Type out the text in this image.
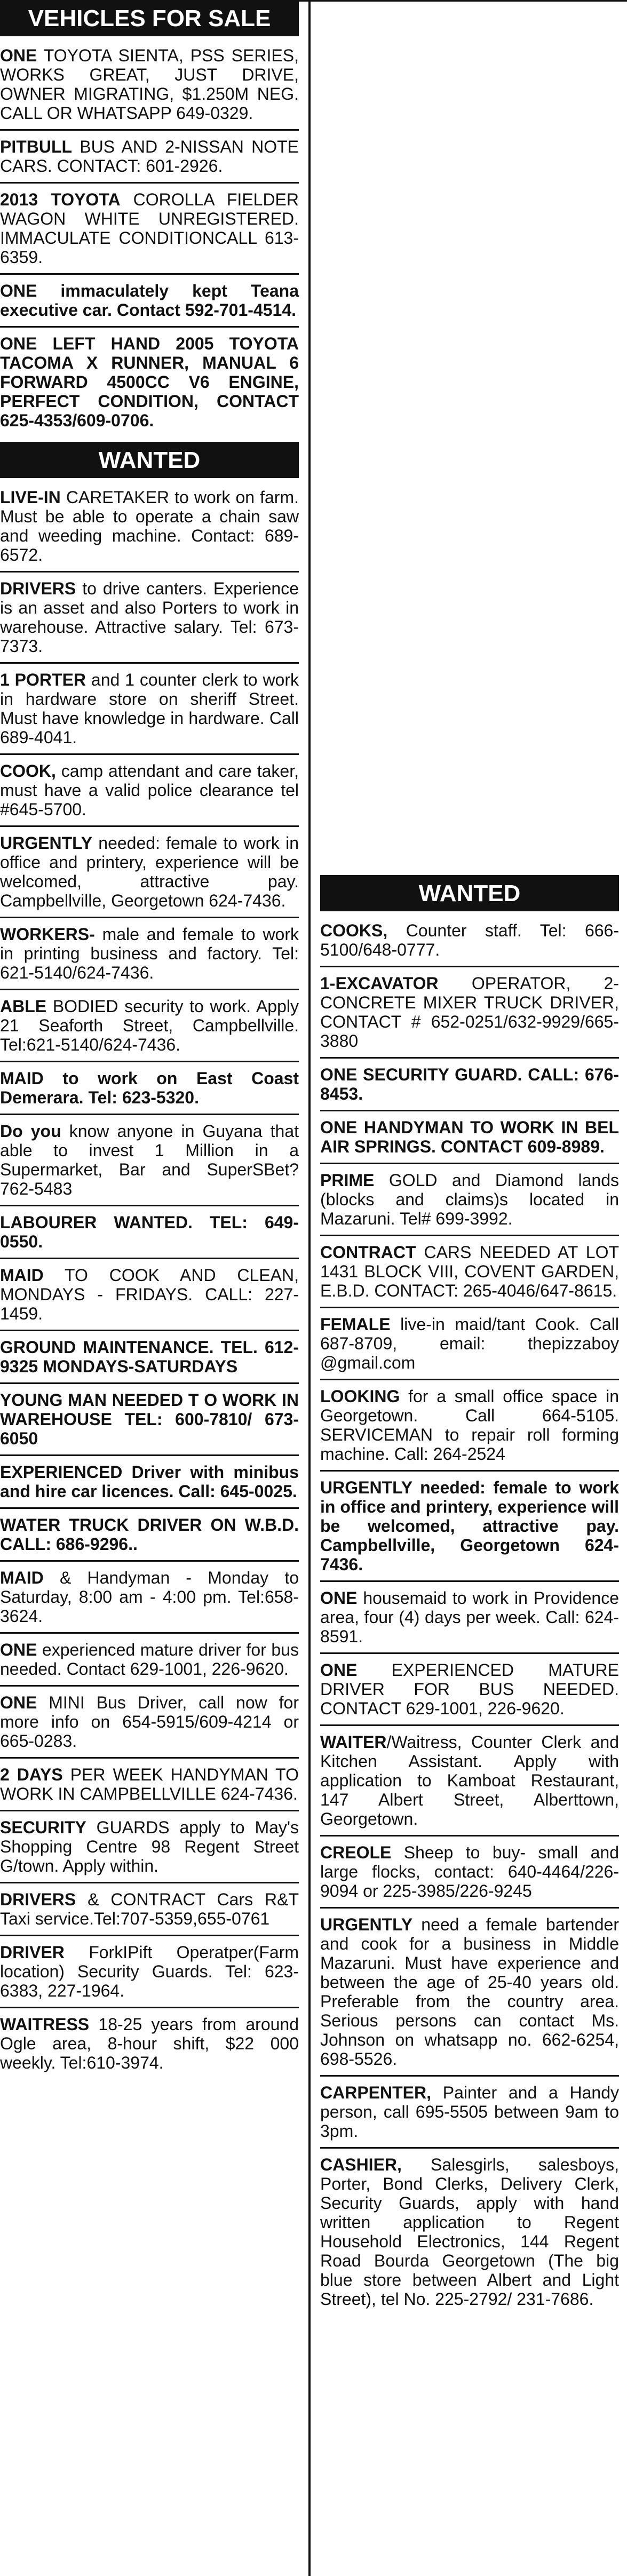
VEHICLES FOR SALE
ONE TOYOTA SIENTA, PSS SERIES, WORKS GREAT, JUST DRIVE, OWNER MIGRATING, $1.250M NEG. CALL OR WHATSAPP 649-0329.
PITBULL BUS AND 2-NISSAN NOTE CARS. CONTACT: 601-2926.
2013 TOYOTA COROLLA FIELDER WAGON WHITE UNREGISTERED. IMMACULATE CONDITIONCALL 613-6359.
ONE immaculately kept Teana executive car. Contact 592-701-4514.
ONE LEFT HAND 2005 TOYOTA TACOMA X RUNNER, MANUAL 6 FORWARD 4500CC V6 ENGINE, PERFECT CONDITION, CONTACT 625-4353/609-0706.
WANTED
LIVE-IN CARETAKER to work on farm. Must be able to operate a chain saw and weeding machine. Contact: 689-6572.
DRIVERS to drive canters. Experience is an asset and also Porters to work in warehouse. Attractive salary. Tel: 673-7373.
1 PORTER and 1 counter clerk to work in hardware store on sheriff Street. Must have knowledge in hardware. Call 689-4041.
COOK, camp attendant and care taker, must have a valid police clearance tel #645-5700.
URGENTLY needed: female to work in office and printery, experience will be welcomed, attractive pay. Campbellville, Georgetown 624-7436.
WORKERS- male and female to work in printing business and factory. Tel: 621-5140/624-7436.
ABLE BODIED security to work. Apply 21 Seaforth Street, Campbellville. Tel:621-5140/624-7436.
MAID to work on East Coast Demerara. Tel: 623-5320.
Do you know anyone in Guyana that able to invest 1 Million in a Supermarket, Bar and SuperSBet? 762-5483
LABOURER WANTED. TEL: 649-0550.
MAID TO COOK AND CLEAN, MONDAYS - FRIDAYS. CALL: 227-1459.
GROUND MAINTENANCE. TEL. 612-9325 MONDAYS-SATURDAYS
YOUNG MAN NEEDED T O WORK IN WAREHOUSE TEL: 600-7810/ 673-6050
EXPERIENCED Driver with minibus and hire car licences. Call: 645-0025.
WATER TRUCK DRIVER ON W.B.D. CALL: 686-9296..
MAID & Handyman - Monday to Saturday, 8:00 am - 4:00 pm. Tel:658-3624.
ONE experienced mature driver for bus needed. Contact 629-1001, 226-9620.
ONE MINI Bus Driver, call now for more info on 654-5915/609-4214 or 665-0283.
2 DAYS PER WEEK HANDYMAN TO WORK IN CAMPBELLVILLE 624-7436.
SECURITY GUARDS apply to May's Shopping Centre 98 Regent Street G/town. Apply within.
DRIVERS & CONTRACT Cars R&T Taxi service.Tel:707-5359,655-0761
DRIVER ForkIPift Operatper(Farm location) Security Guards. Tel: 623-6383, 227-1964.
WAITRESS 18-25 years from around Ogle area, 8-hour shift, $22 000 weekly. Tel:610-3974.
WANTED
COOKS, Counter staff. Tel: 666-5100/648-0777.
1-EXCAVATOR OPERATOR, 2- CONCRETE MIXER TRUCK DRIVER, CONTACT # 652-0251/632-9929/665-3880
ONE SECURITY GUARD. CALL: 676-8453.
ONE HANDYMAN TO WORK IN BEL AIR SPRINGS. CONTACT 609-8989.
PRIME GOLD and Diamond lands (blocks and claims)s located in Mazaruni. Tel# 699-3992.
CONTRACT CARS NEEDED AT LOT 1431 BLOCK VIII, COVENT GARDEN, E.B.D. CONTACT: 265-4046/647-8615.
FEMALE live-in maid/tant Cook. Call 687-8709, email: thepizzaboy @gmail.com
LOOKING for a small office space in Georgetown. Call 664-5105. SERVICEMAN to repair roll forming machine. Call: 264-2524
URGENTLY needed: female to work in office and printery, experience will be welcomed, attractive pay. Campbellville, Georgetown 624-7436.
ONE housemaid to work in Providence area, four (4) days per week. Call: 624-8591.
ONE EXPERIENCED MATURE DRIVER FOR BUS NEEDED. CONTACT 629-1001, 226-9620.
WAITER/Waitress, Counter Clerk and Kitchen Assistant. Apply with application to Kamboat Restaurant, 147 Albert Street, Alberttown, Georgetown.
CREOLE Sheep to buy- small and large flocks, contact: 640-4464/226-9094 or 225-3985/226-9245
URGENTLY need a female bartender and cook for a business in Middle Mazaruni. Must have experience and between the age of 25-40 years old. Preferable from the country area. Serious persons can contact Ms. Johnson on whatsapp no. 662-6254, 698-5526.
CARPENTER, Painter and a Handy person, call 695-5505 between 9am to 3pm.
CASHIER, Salesgirls, salesboys, Porter, Bond Clerks, Delivery Clerk, Security Guards, apply with hand written application to Regent Household Electronics, 144 Regent Road Bourda Georgetown (The big blue store between Albert and Light Street), tel No. 225-2792/ 231-7686.
